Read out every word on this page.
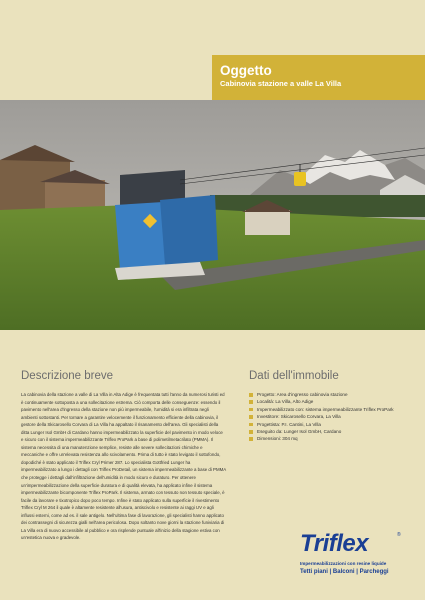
Oggetto
Cabinovia stazione a valle La Villa
Descrizione breve	Dati dell'immobile
La cabinovia della stazione a valle di La Villa in Alta Adige è frequentata tutti l'anno da numerosi turisti ed è continuamente sottoposta a una sollecitazione estrema. Ciò comporta delle conseguenze: essendo il pavimento nell'area d'ingresso della stazione non più impermeabile, l'umidità si era infiltrata negli ambienti sottostanti. Per tornare a garantire velocemente il funzionamento efficiente della cabinovia, il gestore della Skicarosello Corvara di La Villa ha appaltato il risanamento dell'area. Gli specialisti della ditta Lunger Isol GmbH di Cardano hanno impermeabilizzato la superficie del pavimento in modo veloce e sicuro con il sistema impermeabilizzante Triflex ProPark a base di polimetilmetacrilato (PMMA). Il sistema necessita di una manutenzione semplice, resiste alle severe sollecitazioni chimiche e meccaniche e offre un'elevata resistenza allo scivolamento. Prima di tutto è stato levigato il sottofondo, dopodiché è stato applicato il Triflex Cryl Primer 287. Lo specialista Gottfried Lunger ha impermeabilizzato a lungo i dettagli con Triflex ProDetail, un sistema impermeabilizzante a base di PMMA che protegge i dettagli dall'infiltrazione dell'umidità in modo sicuro e duraturo. Per ottenere un'impermeabilizzazione della superficie duratura e di qualità elevata, ha applicato infine il sistema impermeabilizzante bicomponente Triflex ProPark. Il sistema, armato con tessuto non tessuto speciale, è facile da lavorare e tixotropico dopo poco tempo. Infine è stato applicato sulla superficie il rivestimento Triflex Cryl M 264 il quale è altamente resistente all'usura, antiscivolo e resistente ai raggi UV e agli influssi esterni, come ad es. il sale antigelo. Nell'ultima fase di lavorazione, gli specialisti hanno applicato dei contrassegni di sicurezza gialli nell'area pericolosa. Dopo soltanto nove giorni la stazione funiviaria di La Villa era di nuovo accessibile al pubblico e ora risplende puntuale all'inizio della stagione estiva con un'estetica nuova e gradevole.
Progetto: Area d'ingresso cabinovia stazione
Località: La Villa, Alto Adige
Impermeabilizzato con: sistema impermeabilizzante Triflex ProPark
Investitore: Skicarosello Corvara, La Villa
Progettista: P.I. Cantini, La Villa
Eseguito da: Lunger Isol GmbH, Cardano
Dimensioni: 304 mq
Triflex	®
Impermeabilizzazioni con resine liquide
Tetti piani | Balconi | Parcheggi
